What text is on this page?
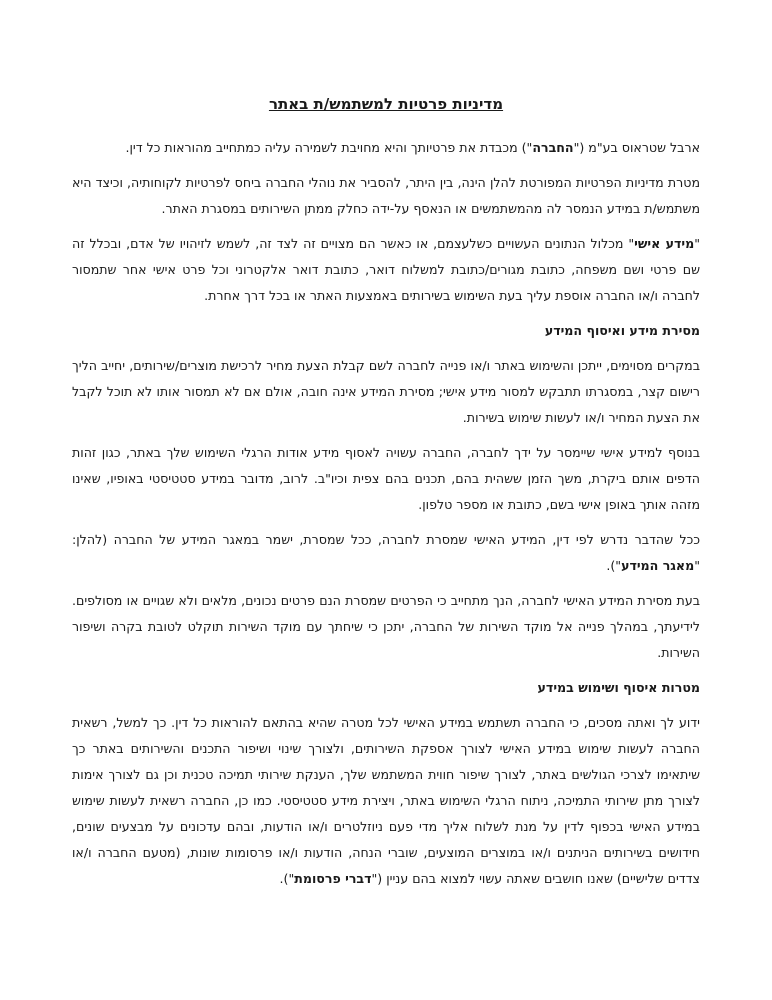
מדיניות פרטיות למשתמש/ת באתר

ארבל שטראוס בע"מ ("החברה") מכבדת את פרטיותך והיא מחויבת לשמירה עליה כמתחייב מהוראות כל דין.

מטרת מדיניות הפרטיות המפורטת להלן הינה, בין היתר, להסביר את נוהלי החברה ביחס לפרטיות לקוחותיה, וכיצד היא משתמש/ת במידע הנמסר לה מהמשתמשים או הנאסף על-ידה כחלק ממתן השירותים במסגרת האתר.

"מידע אישי" מכלול הנתונים העשויים כשלעצמם, או כאשר הם מצויים זה לצד זה, לשמש לזיהויו של אדם, ובכלל זה שם פרטי ושם משפחה, כתובת מגורים/כתובת למשלוח דואר, כתובת דואר אלקטרוני וכל פרט אישי אחר שתמסור לחברה ו/או החברה אוספת עליך בעת השימוש בשירותים באמצעות האתר או בכל דרך אחרת.

מסירת מידע ואיסוף המידע

במקרים מסוימים, ייתכן והשימוש באתר ו/או פנייה לחברה לשם קבלת הצעת מחיר לרכישת מוצרים/שירותים, יחייב הליך רישום קצר, במסגרתו תתבקש למסור מידע אישי; מסירת המידע אינה חובה, אולם אם לא תמסור אותו לא תוכל לקבל את הצעת המחיר ו/או לעשות שימוש בשירות.

בנוסף למידע אישי שיימסר על ידך לחברה, החברה עשויה לאסוף מידע אודות הרגלי השימוש שלך באתר, כגון זהות הדפים אותם ביקרת, משך הזמן ששהית בהם, תכנים בהם צפית וכיו"ב. לרוב, מדובר במידע סטטיסטי באופיו, שאינו מזהה אותך באופן אישי בשם, כתובת או מספר טלפון.

ככל שהדבר נדרש לפי דין, המידע האישי שמסרת לחברה, ככל שמסרת, ישמר במאגר המידע של החברה (להלן: "מאגר המידע").

בעת מסירת המידע האישי לחברה, הנך מתחייב כי הפרטים שמסרת הנם פרטים נכונים, מלאים ולא שגויים או מסולפים. לידיעתך, במהלך פנייה אל מוקד השירות של החברה, יתכן כי שיחתך עם מוקד השירות תוקלט לטובת בקרה ושיפור השירות.

מטרות איסוף ושימוש במידע

ידוע לך ואתה מסכים, כי החברה תשתמש במידע האישי לכל מטרה שהיא בהתאם להוראות כל דין. כך למשל, רשאית החברה לעשות שימוש במידע האישי לצורך אספקת השירותים, ולצורך שינוי ושיפור התכנים והשירותים באתר כך שיתאימו לצרכי הגולשים באתר, לצורך שיפור חווית המשתמש שלך, הענקת שירותי תמיכה טכנית וכן גם לצורך אימות לצורך מתן שירותי התמיכה, ניתוח הרגלי השימוש באתר, ויצירת מידע סטטיסטי. כמו כן, החברה רשאית לעשות שימוש במידע האישי בכפוף לדין על מנת לשלוח אליך מדי פעם ניוזלטרים ו/או הודעות, ובהם עדכונים על מבצעים שונים, חידושים בשירותים הניתנים ו/או במוצרים המוצעים, שוברי הנחה, הודעות ו/או פרסומות שונות, (מטעם החברה ו/או צדדים שלישיים) שאנו חושבים שאתה עשוי למצוא בהם עניין ("דברי פרסומת").
